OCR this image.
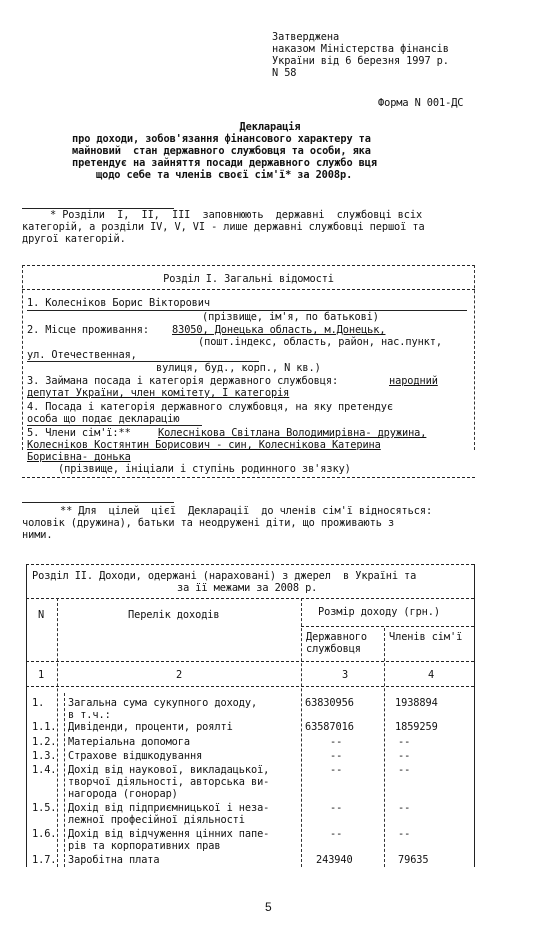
Затверджена
наказом Міністерства фінансів
України від 6 березня 1997 р.
N 58
Форма N 001-ДС
Декларація
про доходи, зобов'язання фінансового характеру та
майновий  стан державного службовця та особи, яка
претендує на зайняття посади державного службо вця
щодо себе та членів своєї сім'ї* за 2008р.
* Розділи  I,  II,  III  заповнюють  державні  службовці всіх
категорій, а розділи IV, V, VI - лише державні службовці першої та
другої категорій.
Розділ I. Загальні відомості
1. Колесніков Борис Вікторович
(прізвище, ім'я, по батькові)
2. Місце проживання: 83050, Донецька область, м.Донецьк,
(пошт.індекс, область, район, нас.пункт,
ул. Отечественная,
вулиця, буд., корп., N кв.)
3. Займана посада і категорія державного службовця:	народний
депутат України, член комітету, I категорія
4. Посада і категорія державного службовця, на яку претендує
особа що подає декларацію
5. Члени сім'ї:**	Колеснікова Світлана Володимирівна- дружина,
Колесніков Костянтин Борисович - син, Колеснікова Катерина
Борисівна- донька
(прізвище, ініціали і ступінь родинного зв'язку)
** Для  цілей  цієї  Декларації  до членів сім'ї відносяться:
чоловік (дружина), батьки та неодружені діти, що проживають з
ними.
Розділ II. Доходи, одержані (нараховані) з джерел  в Україні та
за її межами за 2008 р.
N	Перелік доходів	Розмір доходу (грн.)
Державного
службовця
Членів сім'ї
1	2	3	4
1. Загальна сума сукупного доходу,
в т.ч.:
63830956	1938894
1.1. Дивіденди, проценти, роялті	63587016	1859259
1.2. Матеріальна допомога	--	--
1.3. Страхове відшкодування	--	--
1.4. Дохід від наукової, викладацької,
творчої діяльності, авторська ви-
нагорода (гонорар)
--	--
1.5. Дохід від підприємницької і неза-
лежної професійної діяльності
--	--
1.6. Дохід від відчуження цінних папе-
рів та корпоративних прав
--	--
1.7. Заробітна плата	243940	79635
5
